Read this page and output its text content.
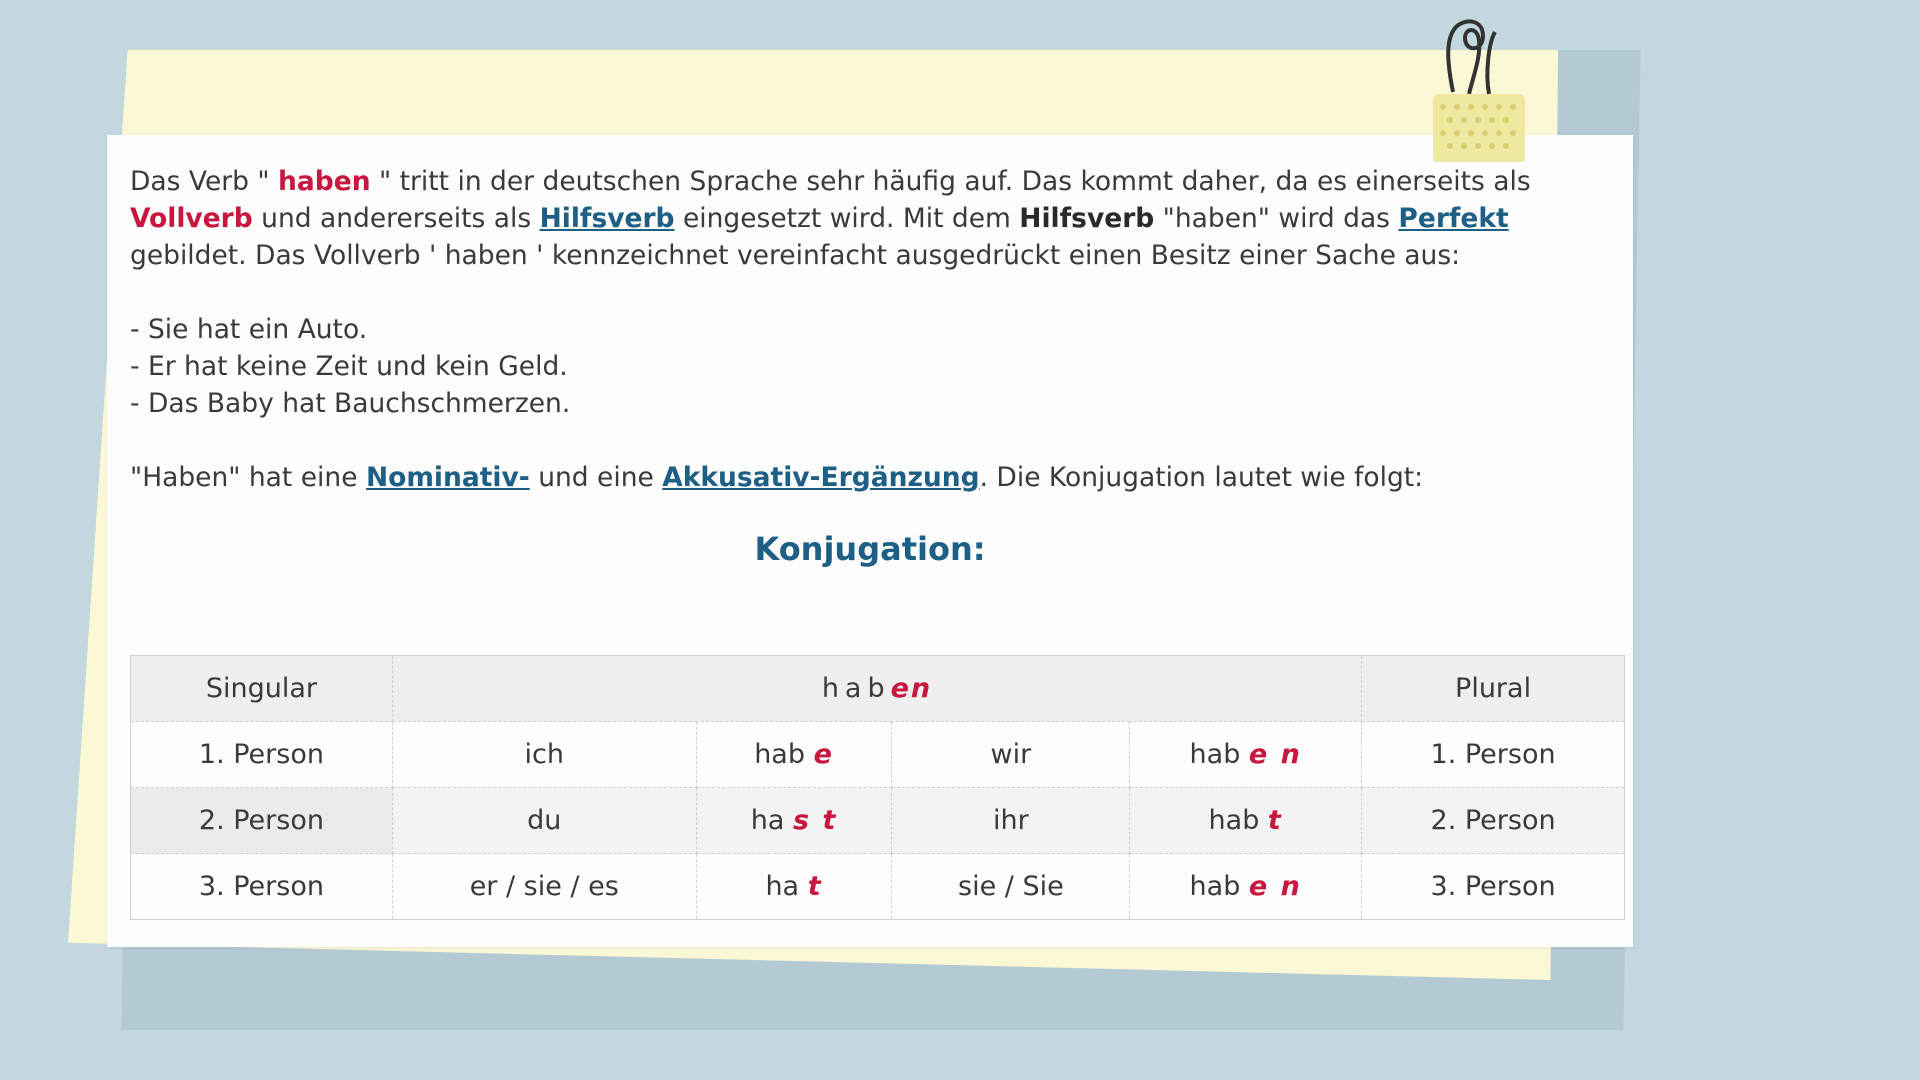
Das Verb " haben " tritt in der deutschen Sprache sehr häufig auf. Das kommt daher, da es einerseits als Vollverb und andererseits als Hilfsverb eingesetzt wird. Mit dem Hilfsverb "haben" wird das Perfekt gebildet. Das Vollverb ' haben ' kennzeichnet vereinfacht ausgedrückt einen Besitz einer Sache aus:

- Sie hat ein Auto.

- Er hat keine Zeit und kein Geld.

- Das Baby hat Bauchschmerzen.

"Haben" hat eine Nominativ- und eine Akkusativ-Ergänzung. Die Konjugation lautet wie folgt:

Konjugation:
Singular	haben				Plural
1. Person	ich	hab e	wir	hab e n	1. Person
2. Person	du	ha s t	ihr	hab t	2. Person
3. Person	er / sie / es	ha t	sie / Sie	hab e n	3. Person
